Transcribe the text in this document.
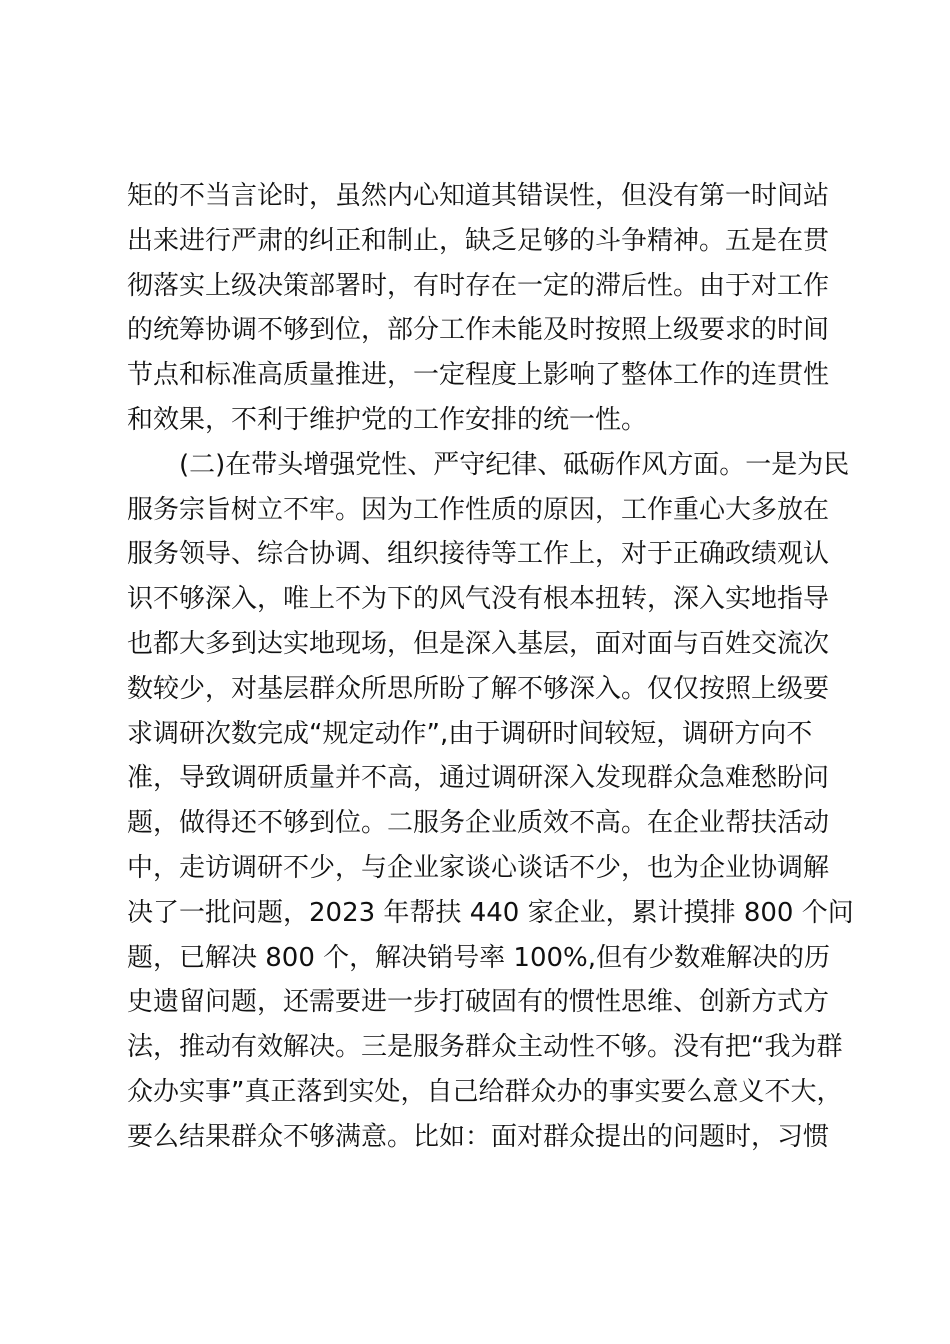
矩的不当言论时，虽然内心知道其错误性，但没有第一时间站
出来进行严肃的纠正和制止，缺乏足够的斗争精神。五是在贯
彻落实上级决策部署时，有时存在一定的滞后性。由于对工作
的统筹协调不够到位，部分工作未能及时按照上级要求的时间
节点和标准高质量推进，一定程度上影响了整体工作的连贯性
和效果，不利于维护党的工作安排的统一性。
(二)在带头增强党性、严守纪律、砥砺作风方面。一是为民
服务宗旨树立不牢。因为工作性质的原因，工作重心大多放在
服务领导、综合协调、组织接待等工作上，对于正确政绩观认
识不够深入，唯上不为下的风气没有根本扭转，深入实地指导
也都大多到达实地现场，但是深入基层，面对面与百姓交流次
数较少，对基层群众所思所盼了解不够深入。仅仅按照上级要
求调研次数完成“规定动作”,由于调研时间较短，调研方向不
准，导致调研质量并不高，通过调研深入发现群众急难愁盼问
题，做得还不够到位。二服务企业质效不高。在企业帮扶活动
中，走访调研不少，与企业家谈心谈话不少，也为企业协调解
决了一批问题，2023 年帮扶 440 家企业，累计摸排 800 个问
题，已解决 800 个，解决销号率 100%,但有少数难解决的历
史遗留问题，还需要进一步打破固有的惯性思维、创新方式方
法，推动有效解决。三是服务群众主动性不够。没有把“我为群
众办实事”真正落到实处，自己给群众办的事实要么意义不大，
要么结果群众不够满意。比如：面对群众提出的问题时，习惯
